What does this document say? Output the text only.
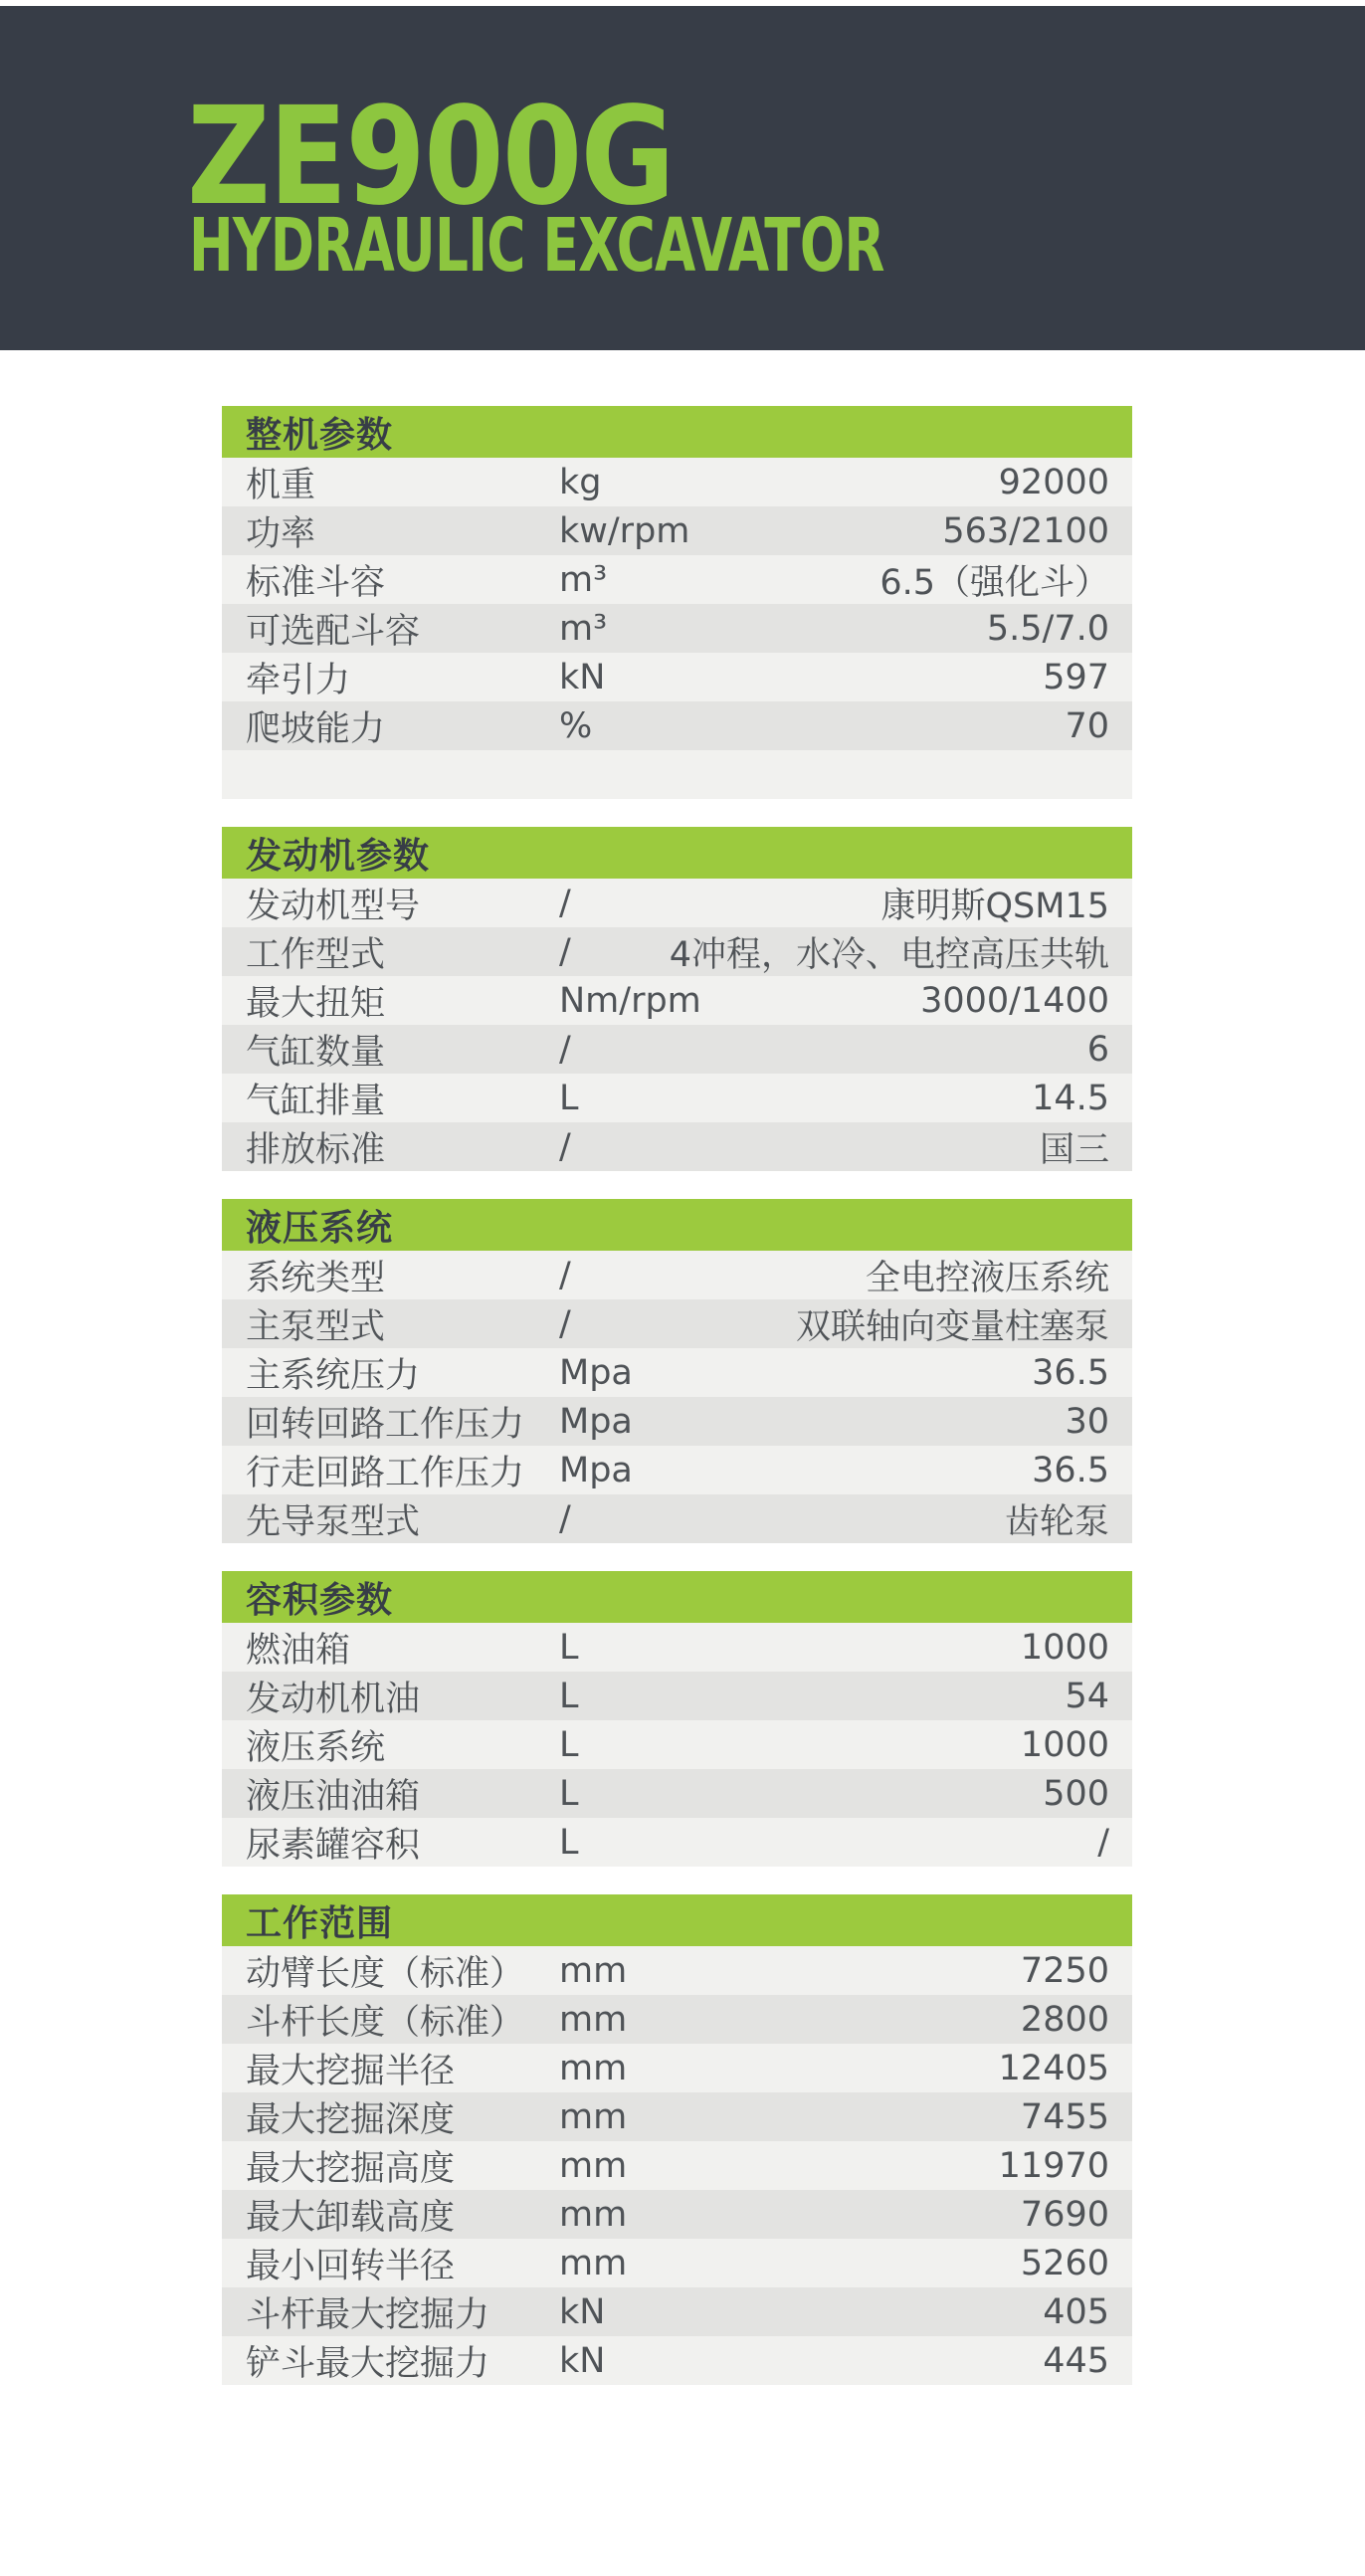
ZE900G
HYDRAULIC EXCAVATOR
整机参数
机重	kg	92000
功率	kw/rpm	563/2100
标准斗容	m³	6.5（强化斗）
可选配斗容	m³	5.5/7.0
牵引力	kN	597
爬坡能力	%	70
发动机参数
发动机型号	/	康明斯QSM15
工作型式	/	4冲程，水冷、电控高压共轨
最大扭矩	Nm/rpm	3000/1400
气缸数量	/	6
气缸排量	L	14.5
排放标准	/	国三
液压系统
系统类型	/	全电控液压系统
主泵型式	/	双联轴向变量柱塞泵
主系统压力	Mpa	36.5
回转回路工作压力 Mpa	30
行走回路工作压力 Mpa	36.5
先导泵型式	/	齿轮泵
容积参数
燃油箱	L	1000
发动机机油	L	54
液压系统	L	1000
液压油油箱	L	500
尿素罐容积	L	/
工作范围
动臂长度（标准） mm	7250
斗杆长度（标准） mm	2800
最大挖掘半径	mm	12405
最大挖掘深度	mm	7455
最大挖掘高度	mm	11970
最大卸载高度	mm	7690
最小回转半径	mm	5260
斗杆最大挖掘力	kN	405
铲斗最大挖掘力	kN	445
